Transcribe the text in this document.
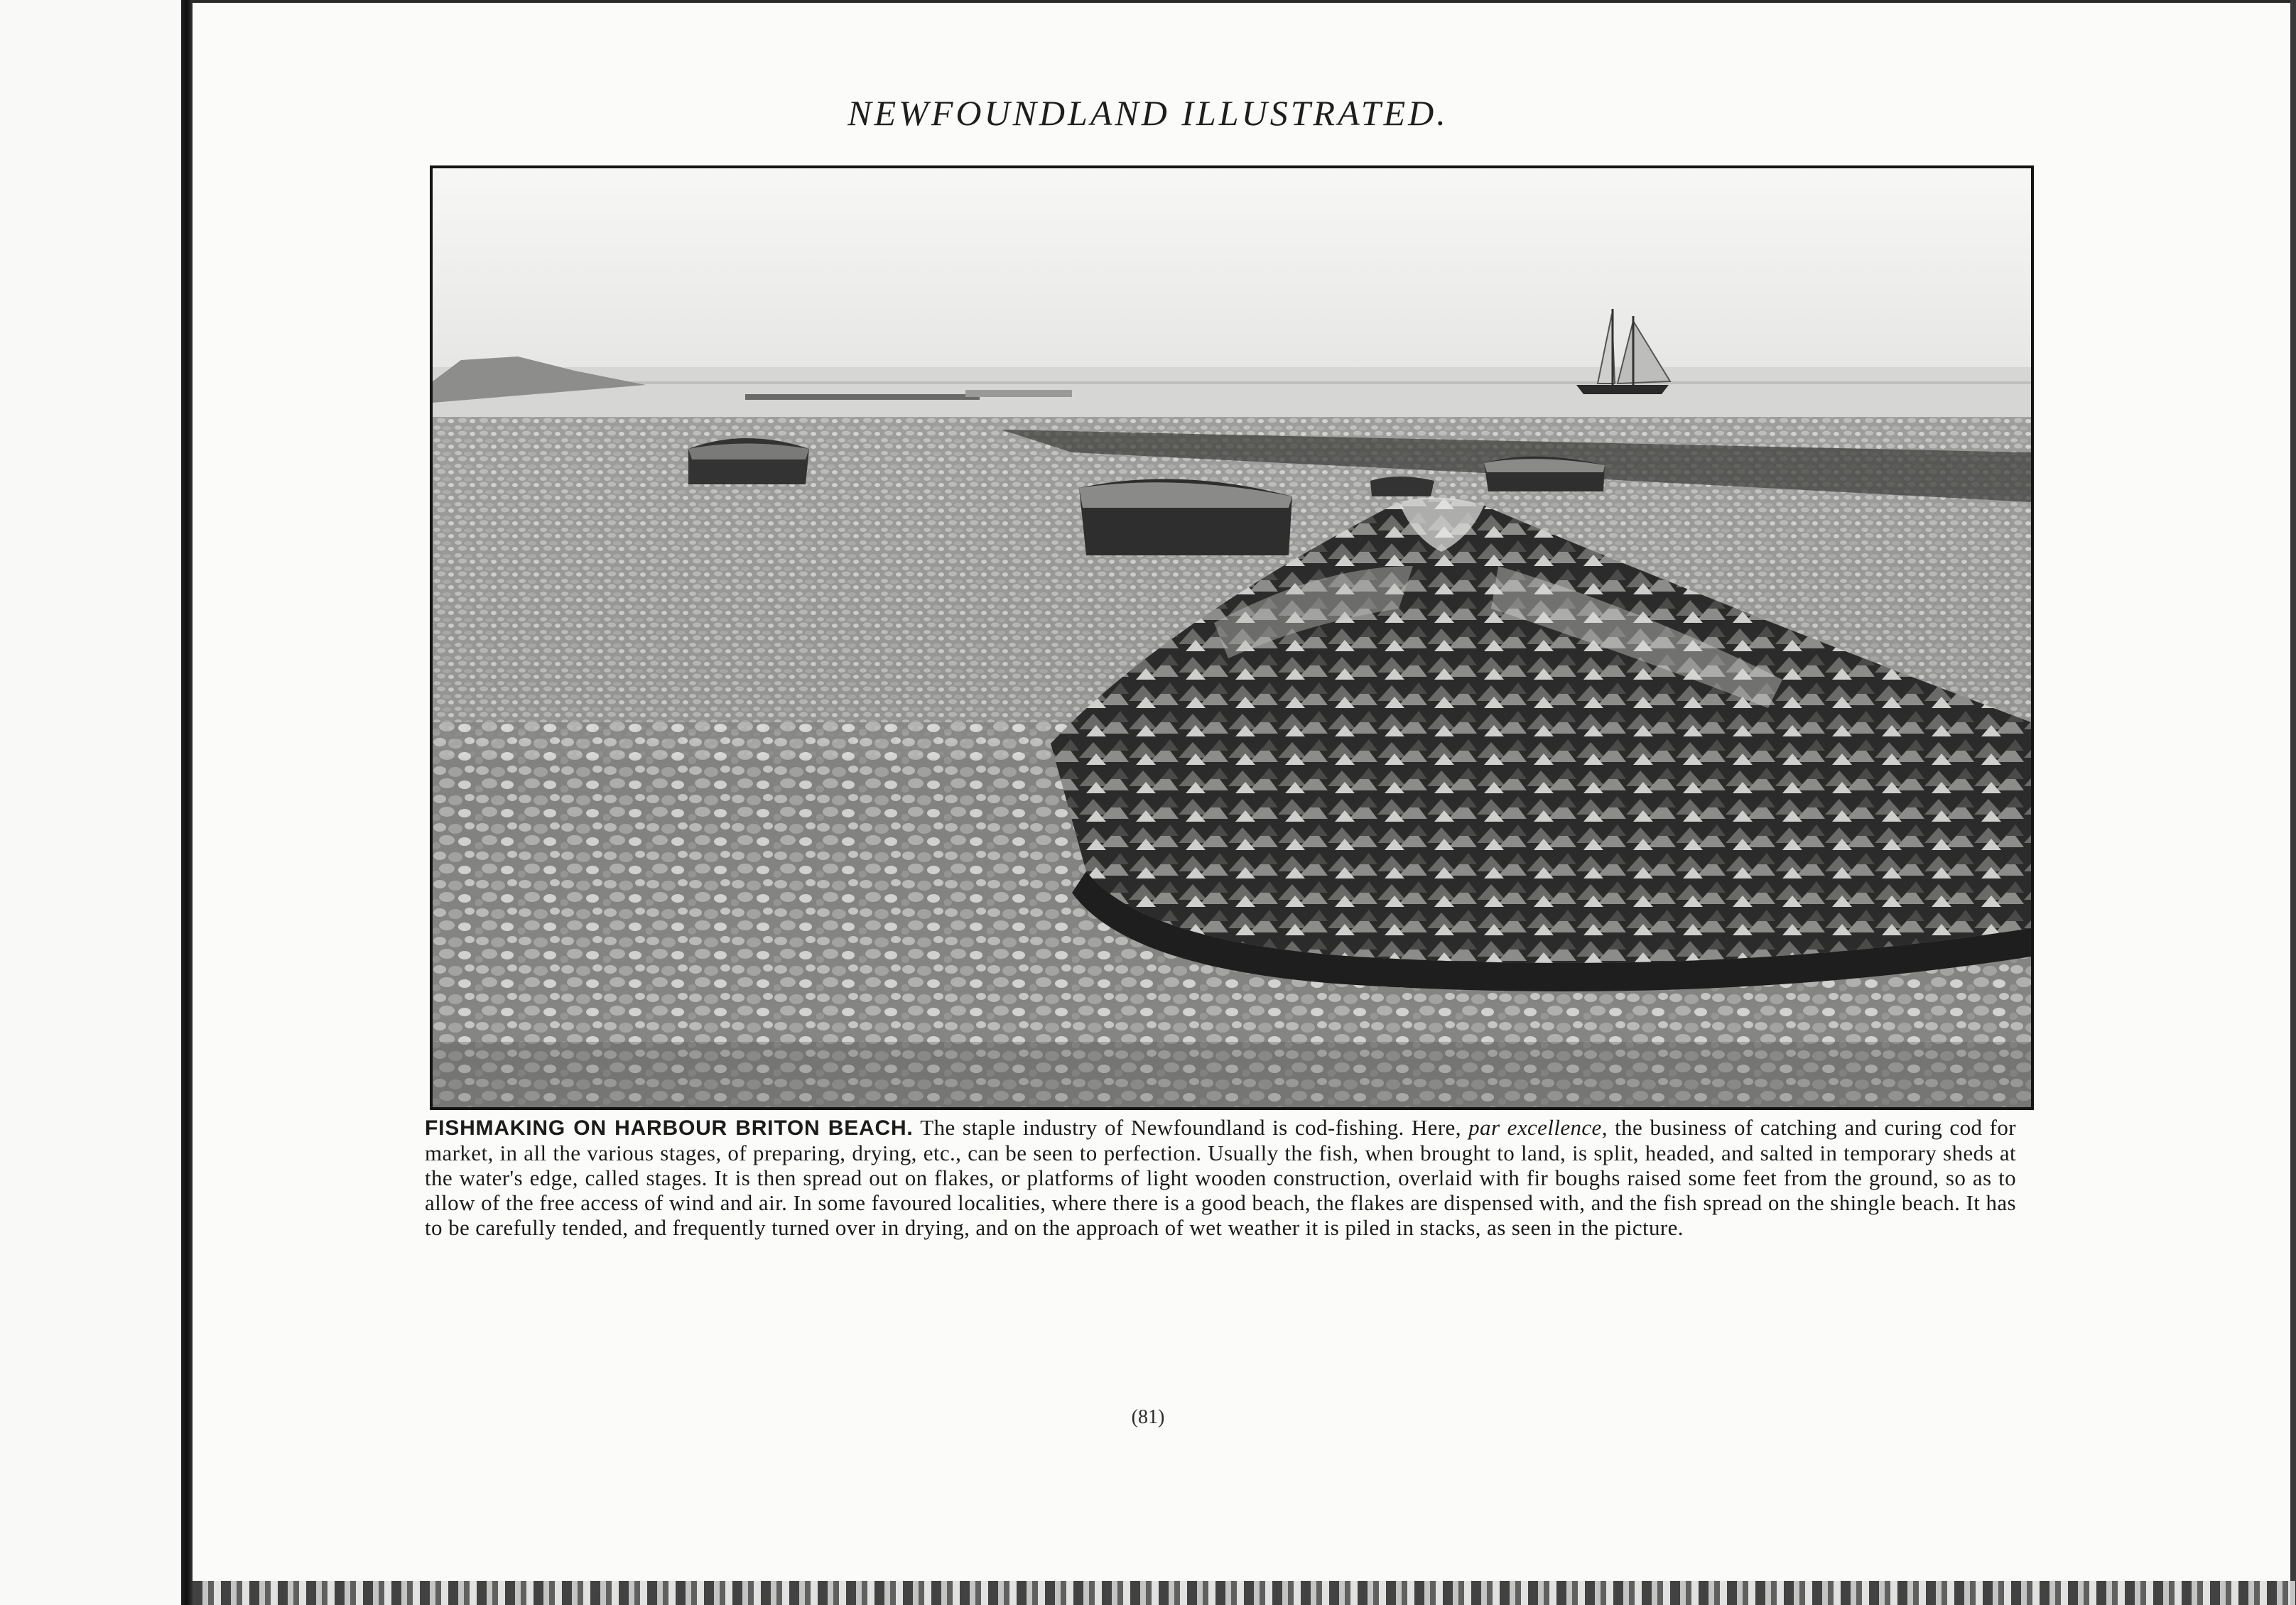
NEWFOUNDLAND ILLUSTRATED.
FISHMAKING ON HARBOUR BRITON BEACH. The staple industry of Newfoundland is cod-fishing. Here, par excellence, the business of catching and curing cod for market, in all the various stages, of preparing, drying, etc., can be seen to perfection. Usually the fish, when brought to land, is split, headed, and salted in temporary sheds at the water's edge, called stages. It is then spread out on flakes, or platforms of light wooden construction, overlaid with fir boughs raised some feet from the ground, so as to allow of the free access of wind and air. In some favoured localities, where there is a good beach, the flakes are dispensed with, and the fish spread on the shingle beach. It has to be carefully tended, and frequently turned over in drying, and on the approach of wet weather it is piled in stacks, as seen in the picture.
(81)
